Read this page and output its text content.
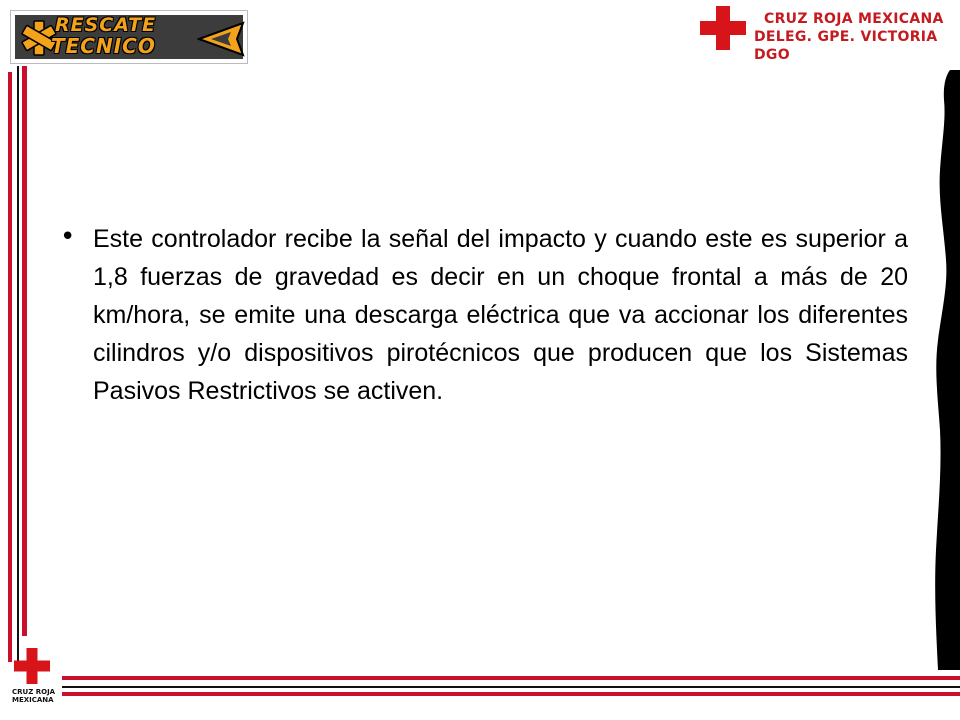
RESCATE
TECNICO
CRUZ ROJA MEXICANA
DELEG. GPE. VICTORIA DGO
• Este controlador recibe la señal del impacto y cuando este es superior a 1,8 fuerzas de gravedad es decir en un choque frontal a más de 20 km/hora, se emite una descarga eléctrica que va accionar los diferentes cilindros y/o dispositivos pirotécnicos que producen que los Sistemas Pasivos Restrictivos se activen.

CRUZ ROJA
MEXICANA
